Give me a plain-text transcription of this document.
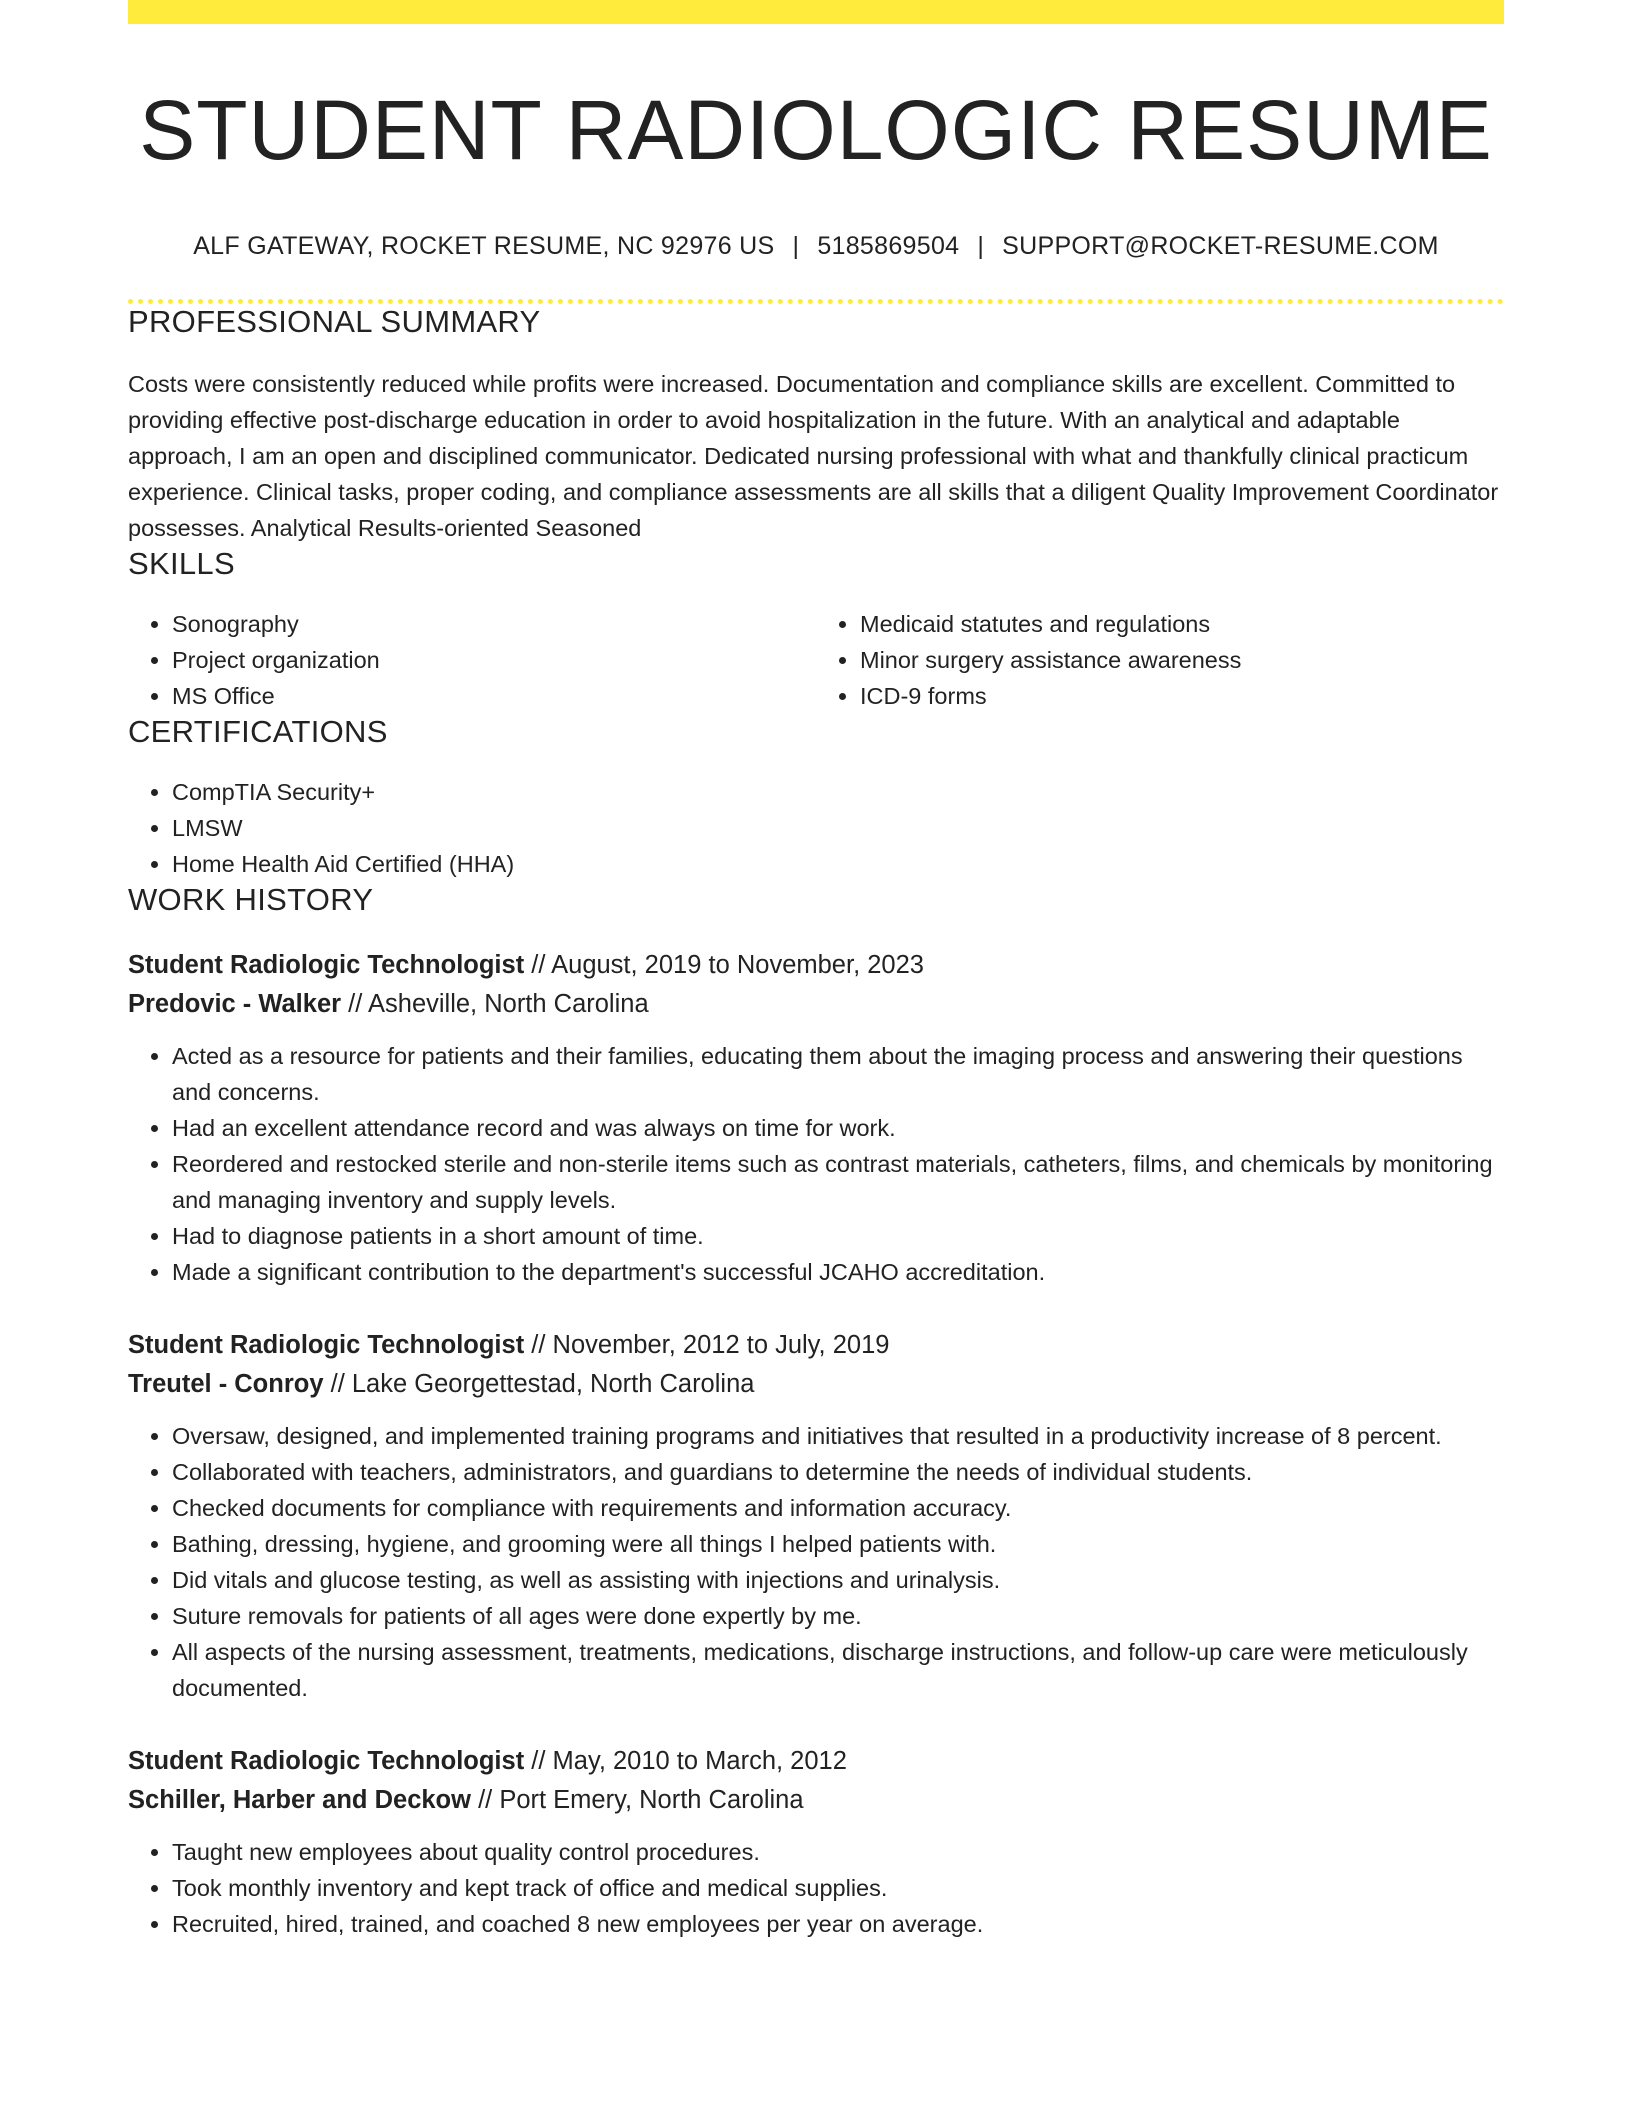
STUDENT RADIOLOGIC RESUME
ALF GATEWAY, ROCKET RESUME, NC 92976 US | 5185869504 | SUPPORT@ROCKET-RESUME.COM
PROFESSIONAL SUMMARY
Costs were consistently reduced while profits were increased. Documentation and compliance skills are excellent. Committed to providing effective post-discharge education in order to avoid hospitalization in the future. With an analytical and adaptable approach, I am an open and disciplined communicator. Dedicated nursing professional with what and thankfully clinical practicum experience. Clinical tasks, proper coding, and compliance assessments are all skills that a diligent Quality Improvement Coordinator possesses. Analytical Results-oriented Seasoned
SKILLS
• Sonography
• Project organization
• MS Office
• Medicaid statutes and regulations
• Minor surgery assistance awareness
• ICD-9 forms
CERTIFICATIONS
• CompTIA Security+
• LMSW
• Home Health Aid Certified (HHA)
WORK HISTORY
Student Radiologic Technologist // August, 2019 to November, 2023
Predovic - Walker // Asheville, North Carolina
• Acted as a resource for patients and their families, educating them about the imaging process and answering their questions and concerns.
• Had an excellent attendance record and was always on time for work.
• Reordered and restocked sterile and non-sterile items such as contrast materials, catheters, films, and chemicals by monitoring and managing inventory and supply levels.
• Had to diagnose patients in a short amount of time.
• Made a significant contribution to the department's successful JCAHO accreditation.
Student Radiologic Technologist // November, 2012 to July, 2019
Treutel - Conroy // Lake Georgettestad, North Carolina
• Oversaw, designed, and implemented training programs and initiatives that resulted in a productivity increase of 8 percent.
• Collaborated with teachers, administrators, and guardians to determine the needs of individual students.
• Checked documents for compliance with requirements and information accuracy.
• Bathing, dressing, hygiene, and grooming were all things I helped patients with.
• Did vitals and glucose testing, as well as assisting with injections and urinalysis.
• Suture removals for patients of all ages were done expertly by me.
• All aspects of the nursing assessment, treatments, medications, discharge instructions, and follow-up care were meticulously documented.
Student Radiologic Technologist // May, 2010 to March, 2012
Schiller, Harber and Deckow // Port Emery, North Carolina
• Taught new employees about quality control procedures.
• Took monthly inventory and kept track of office and medical supplies.
• Recruited, hired, trained, and coached 8 new employees per year on average.
